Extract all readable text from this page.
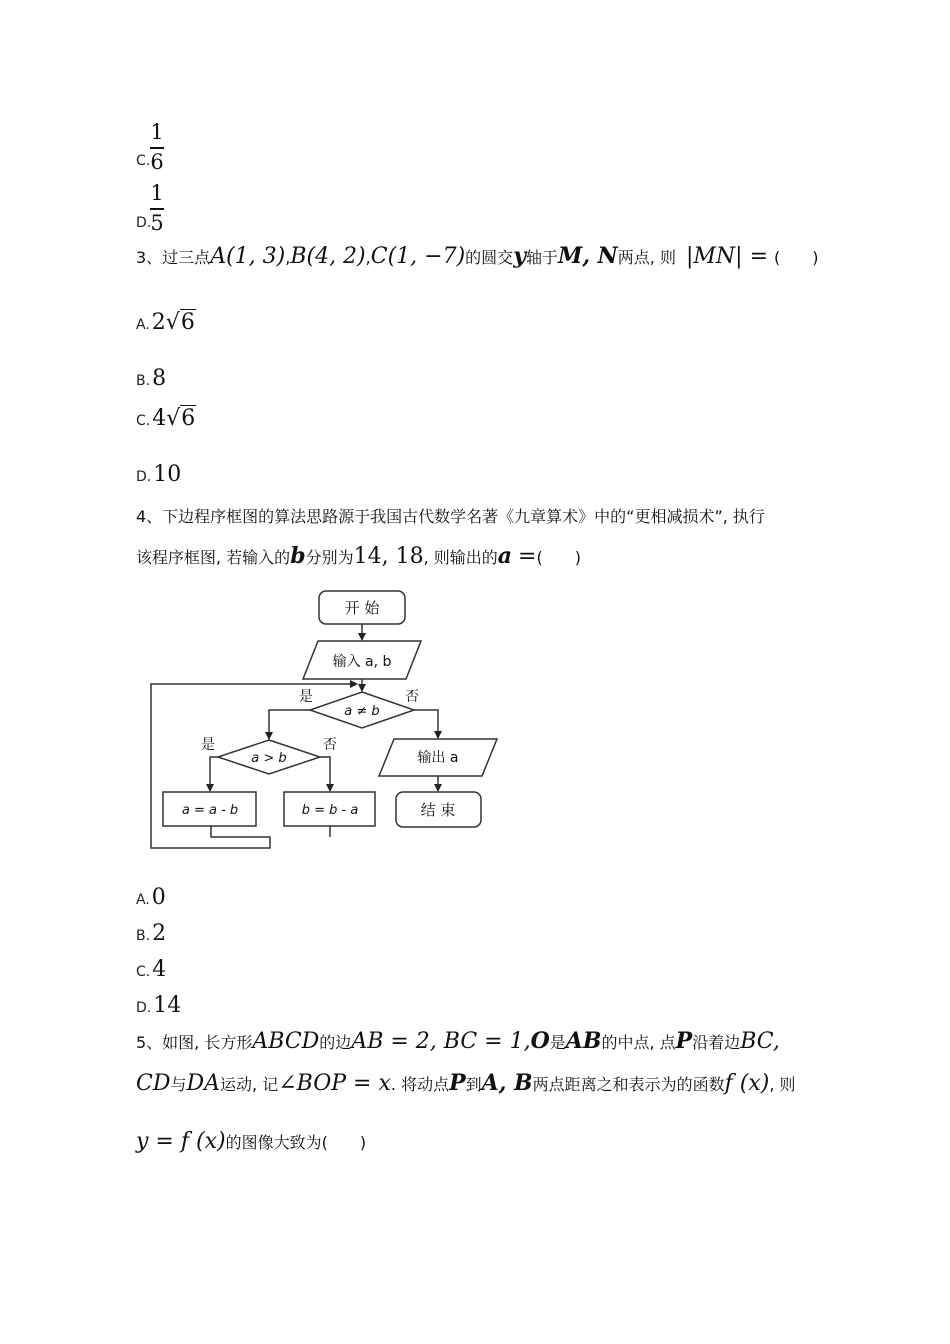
C.
1
6
D.
1
5
3、过三点 A(1, 3) , B(4, 2) , C(1, −7) 的圆交 y 轴于 M, N 两点, 则 |MN| = (　　)
A. 2√6
B. 8
C. 4√6
D. 10
4、下边程序框图的算法思路源于我国古代数学名著《九章算术》中的“更相减损术”, 执行
该程序框图, 若输入的 b 分别为 14, 18 , 则输出的 a = (　　)
开 始
输入 a, b
a ≠ b
是	否
a > b
是	否
a = a - b	b = b - a
输出 a
结 束
A. 0
B. 2
C. 4
D. 14
5、如图, 长方形 ABCD 的边 AB = 2, BC = 1, O 是 AB 的中点, 点 P 沿着边 BC,
CD 与 DA 运动, 记 ∠BOP = x . 将动点 P 到 A, B 两点距离之和表示为的函数 f (x) , 则
y = f (x) 的图像大致为 (　　)
